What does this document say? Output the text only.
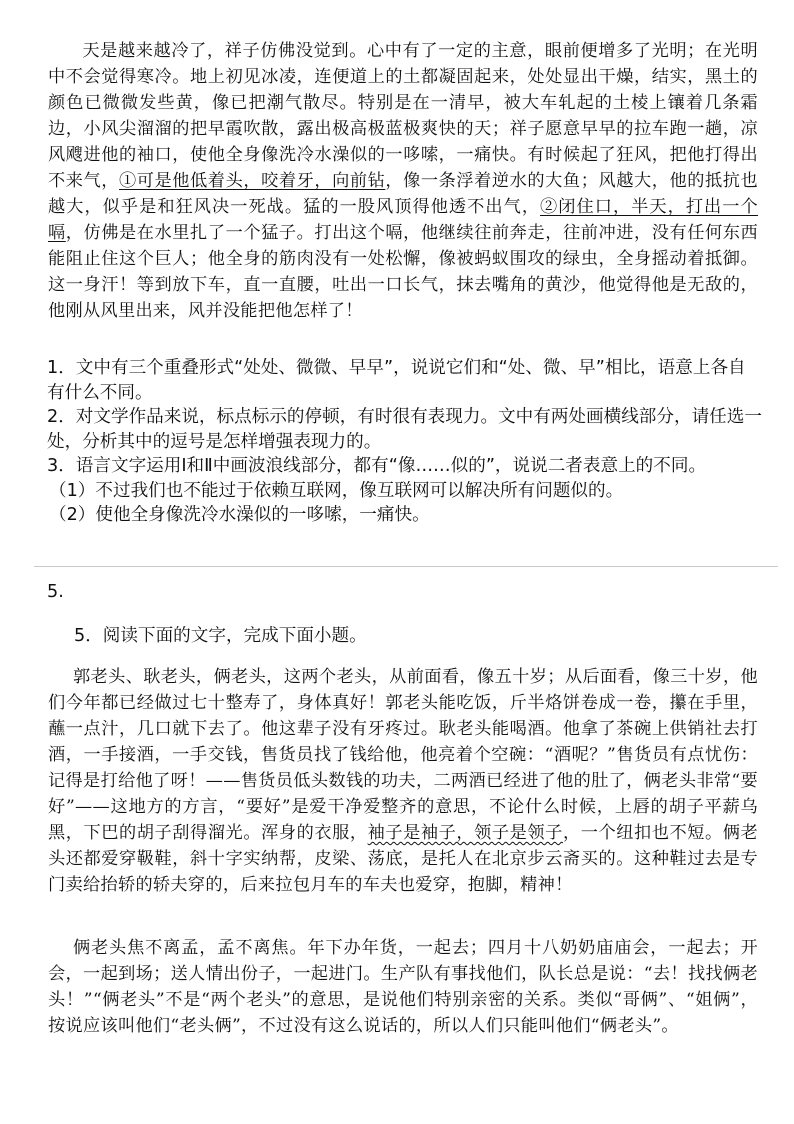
天是越来越冷了，祥子仿佛没觉到。心中有了一定的主意，眼前便增多了光明；在光明中不会觉得寒冷。地上初见冰凌，连便道上的土都凝固起来，处处显出干燥，结实，黑土的颜色已微微发些黄，像已把潮气散尽。特别是在一清早，被大车轧起的土棱上镶着几条霜边，小风尖溜溜的把早霞吹散，露出极高极蓝极爽快的天；祥子愿意早早的拉车跑一趟，凉风飕进他的袖口，使他全身像洗冷水澡似的一哆嗦，一痛快。有时候起了狂风，把他打得出不来气，①可是他低着头，咬着牙，向前钻，像一条浮着逆水的大鱼；风越大，他的抵抗也越大，似乎是和狂风决一死战。猛的一股风顶得他透不出气，②闭住口，半天，打出一个嗝，仿佛是在水里扎了一个猛子。打出这个嗝，他继续往前奔走，往前冲进，没有任何东西能阻止住这个巨人；他全身的筋肉没有一处松懈，像被蚂蚁围攻的绿虫，全身摇动着抵御。这一身汗！等到放下车，直一直腰，吐出一口长气，抹去嘴角的黄沙，他觉得他是无敌的，他刚从风里出来，风并没能把他怎样了！

1．文中有三个重叠形式“处处、微微、早早”，说说它们和“处、微、早”相比，语意上各自有什么不同。
2．对文学作品来说，标点标示的停顿，有时很有表现力。文中有两处画横线部分，请任选一处，分析其中的逗号是怎样增强表现力的。
3．语言文字运用Ⅰ和Ⅱ中画波浪线部分，都有“像……似的”，说说二者表意上的不同。
（1）不过我们也不能过于依赖互联网，像互联网可以解决所有问题似的。
（2）使他全身像洗冷水澡似的一哆嗦，一痛快。
5.
5．阅读下面的文字，完成下面小题。

郭老头、耿老头，俩老头，这两个老头，从前面看，像五十岁；从后面看，像三十岁，他们今年都已经做过七十整寿了，身体真好！郭老头能吃饭，斤半烙饼卷成一卷，攥在手里，蘸一点汁，几口就下去了。他这辈子没有牙疼过。耿老头能喝酒。他拿了茶碗上供销社去打酒，一手接酒，一手交钱，售货员找了钱给他，他亮着个空碗：“酒呢？”售货员有点忧伤：记得是打给他了呀！——售货员低头数钱的功夫，二两酒已经进了他的肚了，俩老头非常“要好”——这地方的方言，“要好”是爱干净爱整齐的意思，不论什么时候，上唇的胡子平薪乌黑，下巴的胡子刮得溜光。浑身的衣服，袖子是袖子，领子是领子，一个纽扣也不短。俩老头还都爱穿靸鞋，斜十字实纳帮，皮梁、荡底，是托人在北京步云斋买的。这种鞋过去是专门卖给抬轿的轿夫穿的，后来拉包月车的车夫也爱穿，抱脚，精神！

俩老头焦不离孟，孟不离焦。年下办年货，一起去；四月十八奶奶庙庙会，一起去；开会，一起到场；送人情出份子，一起进门。生产队有事找他们，队长总是说：“去！找找俩老头！”“俩老头”不是“两个老头”的意思，是说他们特别亲密的关系。类似“哥俩”、“姐俩”，按说应该叫他们“老头俩”，不过没有这么说话的，所以人们只能叫他们“俩老头”。
